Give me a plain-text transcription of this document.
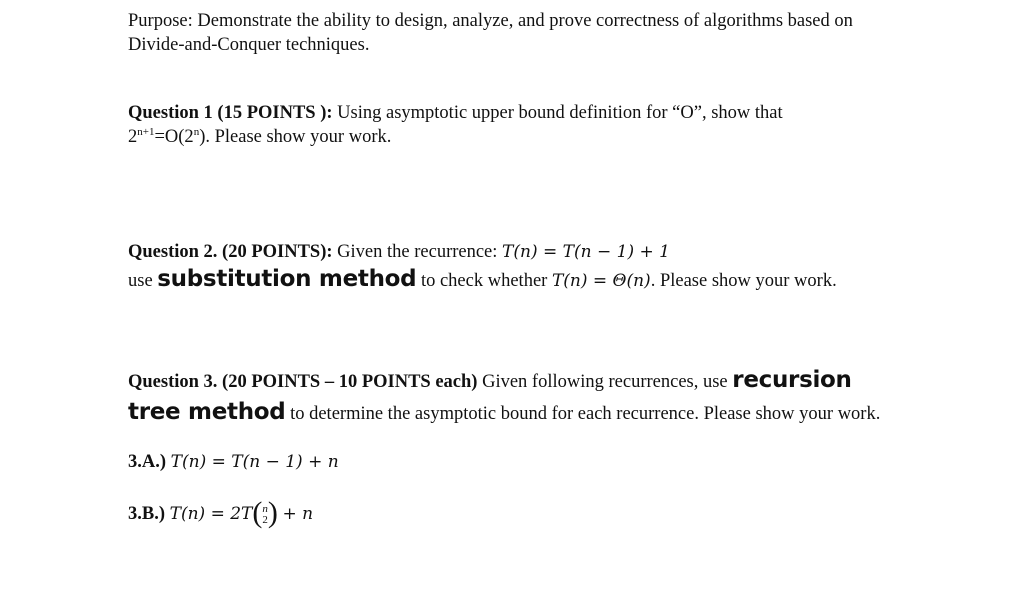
Purpose: Demonstrate the ability to design, analyze, and prove correctness of algorithms based on
Divide-and-Conquer techniques.
Question 1 (15 POINTS ): Using asymptotic upper bound definition for “O”, show that
$2^{n+1}=O(2^n)$. Please show your work.
Question 2. (20 POINTS): Given the recurrence: T(n) = T(n − 1) + 1
use substitution method to check whether T(n) = Θ(n). Please show your work.
Question 3. (20 POINTS – 10 POINTS each) Given following recurrences, use recursion
tree method to determine the asymptotic bound for each recurrence. Please show your work.
3.A.) T(n) = T(n − 1) + n
3.B.) T(n) = 2T( n
2 ) + n
